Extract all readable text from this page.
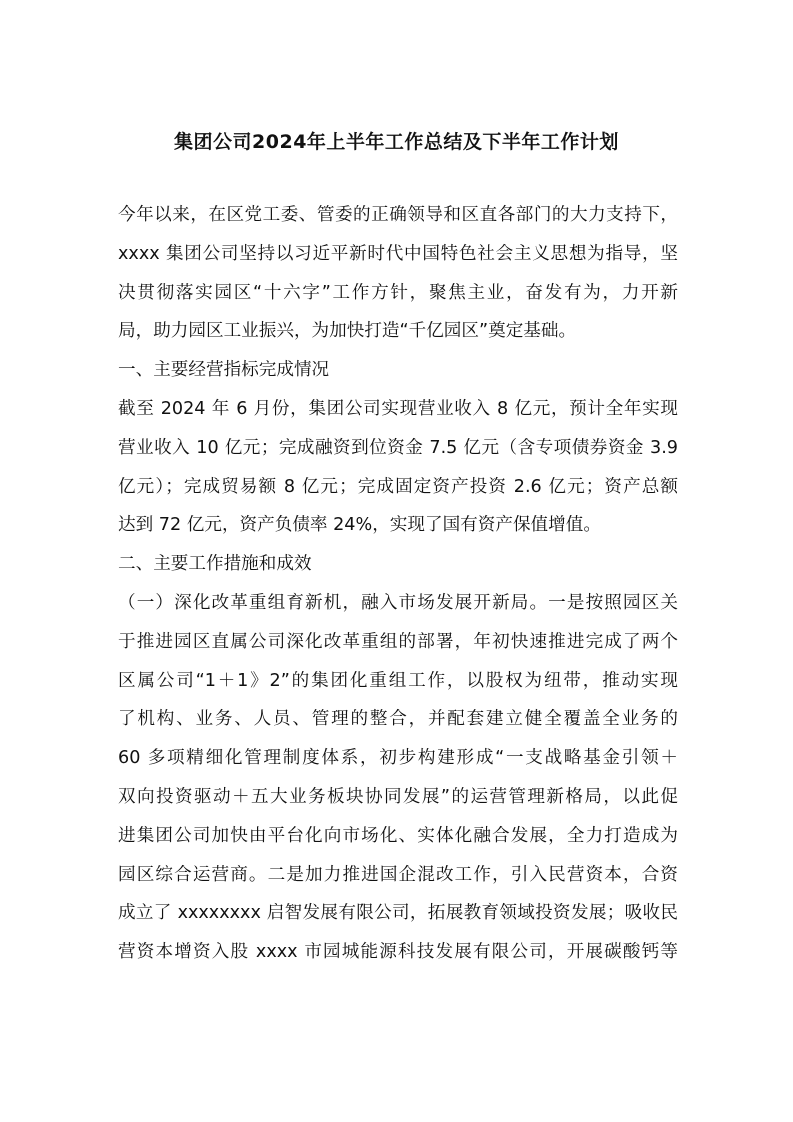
集团公司2024年上半年工作总结及下半年工作计划
今年以来，在区党工委、管委的正确领导和区直各部门的大力支持下，
xxxx 集团公司坚持以习近平新时代中国特色社会主义思想为指导，坚
决贯彻落实园区“十六字”工作方针，聚焦主业，奋发有为，力开新
局，助力园区工业振兴，为加快打造“千亿园区”奠定基础。
一、主要经营指标完成情况
截至 2024 年 6 月份，集团公司实现营业收入 8 亿元，预计全年实现
营业收入 10 亿元；完成融资到位资金 7.5 亿元（含专项债券资金 3.9
亿元）；完成贸易额 8 亿元；完成固定资产投资 2.6 亿元；资产总额
达到 72 亿元，资产负债率 24%，实现了国有资产保值增值。
二、主要工作措施和成效
（一）深化改革重组育新机，融入市场发展开新局。一是按照园区关
于推进园区直属公司深化改革重组的部署，年初快速推进完成了两个
区属公司“1＋1》2”的集团化重组工作，以股权为纽带，推动实现
了机构、业务、人员、管理的整合，并配套建立健全覆盖全业务的
60 多项精细化管理制度体系，初步构建形成“一支战略基金引领＋
双向投资驱动＋五大业务板块协同发展”的运营管理新格局，以此促
进集团公司加快由平台化向市场化、实体化融合发展，全力打造成为
园区综合运营商。二是加力推进国企混改工作，引入民营资本，合资
成立了 xxxxxxxx 启智发展有限公司，拓展教育领域投资发展；吸收民
营资本增资入股 xxxx 市园城能源科技发展有限公司，开展碳酸钙等
